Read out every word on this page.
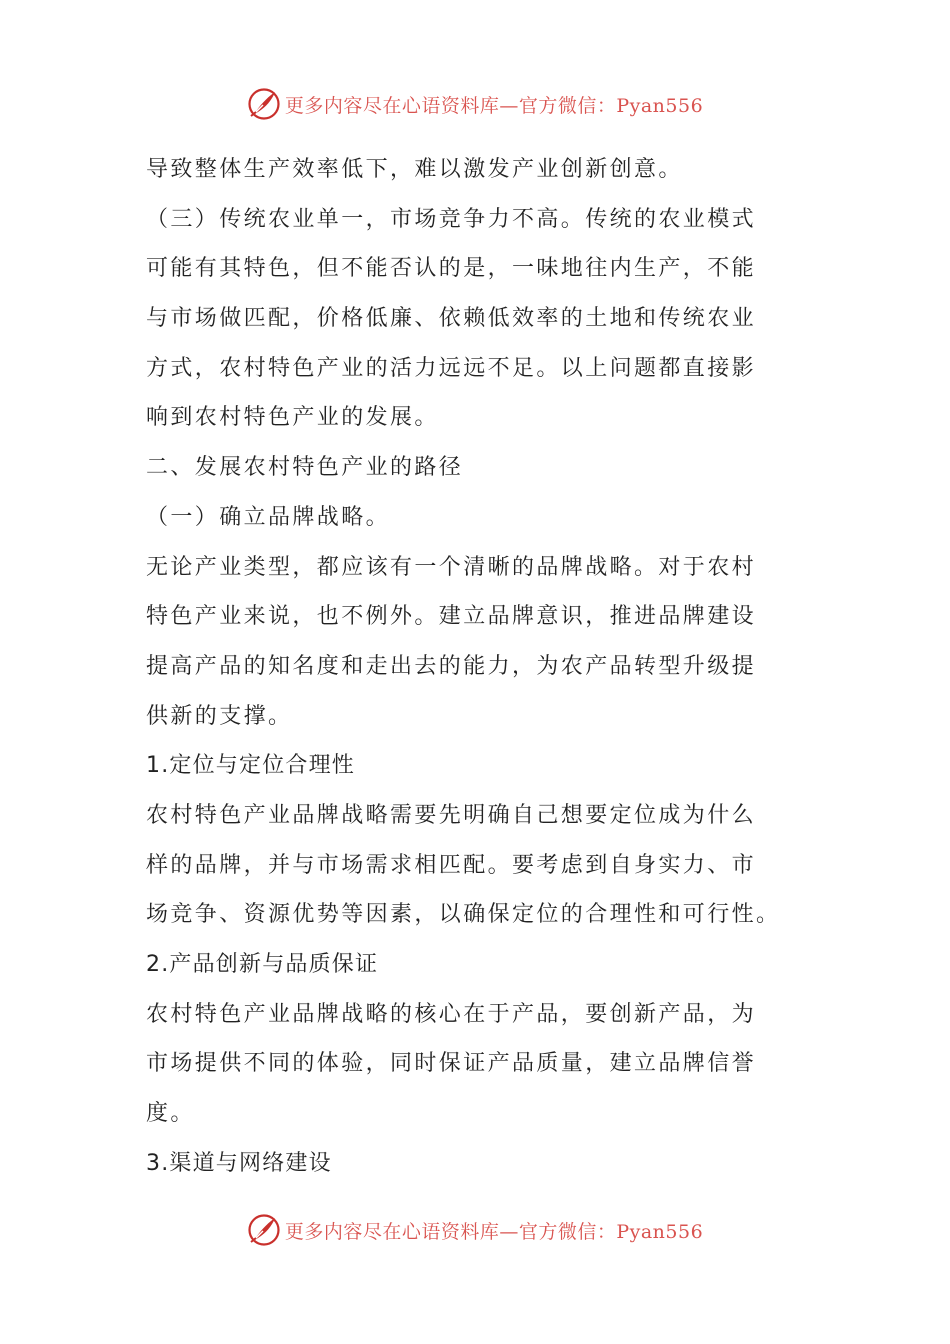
更多内容尽在心语资料库—官方微信：Pyan556
导致整体生产效率低下，难以激发产业创新创意。
（三）传统农业单一，市场竞争力不高。传统的农业模式
可能有其特色，但不能否认的是，一味地往内生产，不能
与市场做匹配，价格低廉、依赖低效率的土地和传统农业
方式，农村特色产业的活力远远不足。以上问题都直接影
响到农村特色产业的发展。
二、发展农村特色产业的路径
（一）确立品牌战略。
无论产业类型，都应该有一个清晰的品牌战略。对于农村
特色产业来说，也不例外。建立品牌意识，推进品牌建设
提高产品的知名度和走出去的能力，为农产品转型升级提
供新的支撑。
1.定位与定位合理性
农村特色产业品牌战略需要先明确自己想要定位成为什么
样的品牌，并与市场需求相匹配。要考虑到自身实力、市
场竞争、资源优势等因素，以确保定位的合理性和可行性。
2.产品创新与品质保证
农村特色产业品牌战略的核心在于产品，要创新产品，为
市场提供不同的体验，同时保证产品质量，建立品牌信誉
度。
3.渠道与网络建设
更多内容尽在心语资料库—官方微信：Pyan556
